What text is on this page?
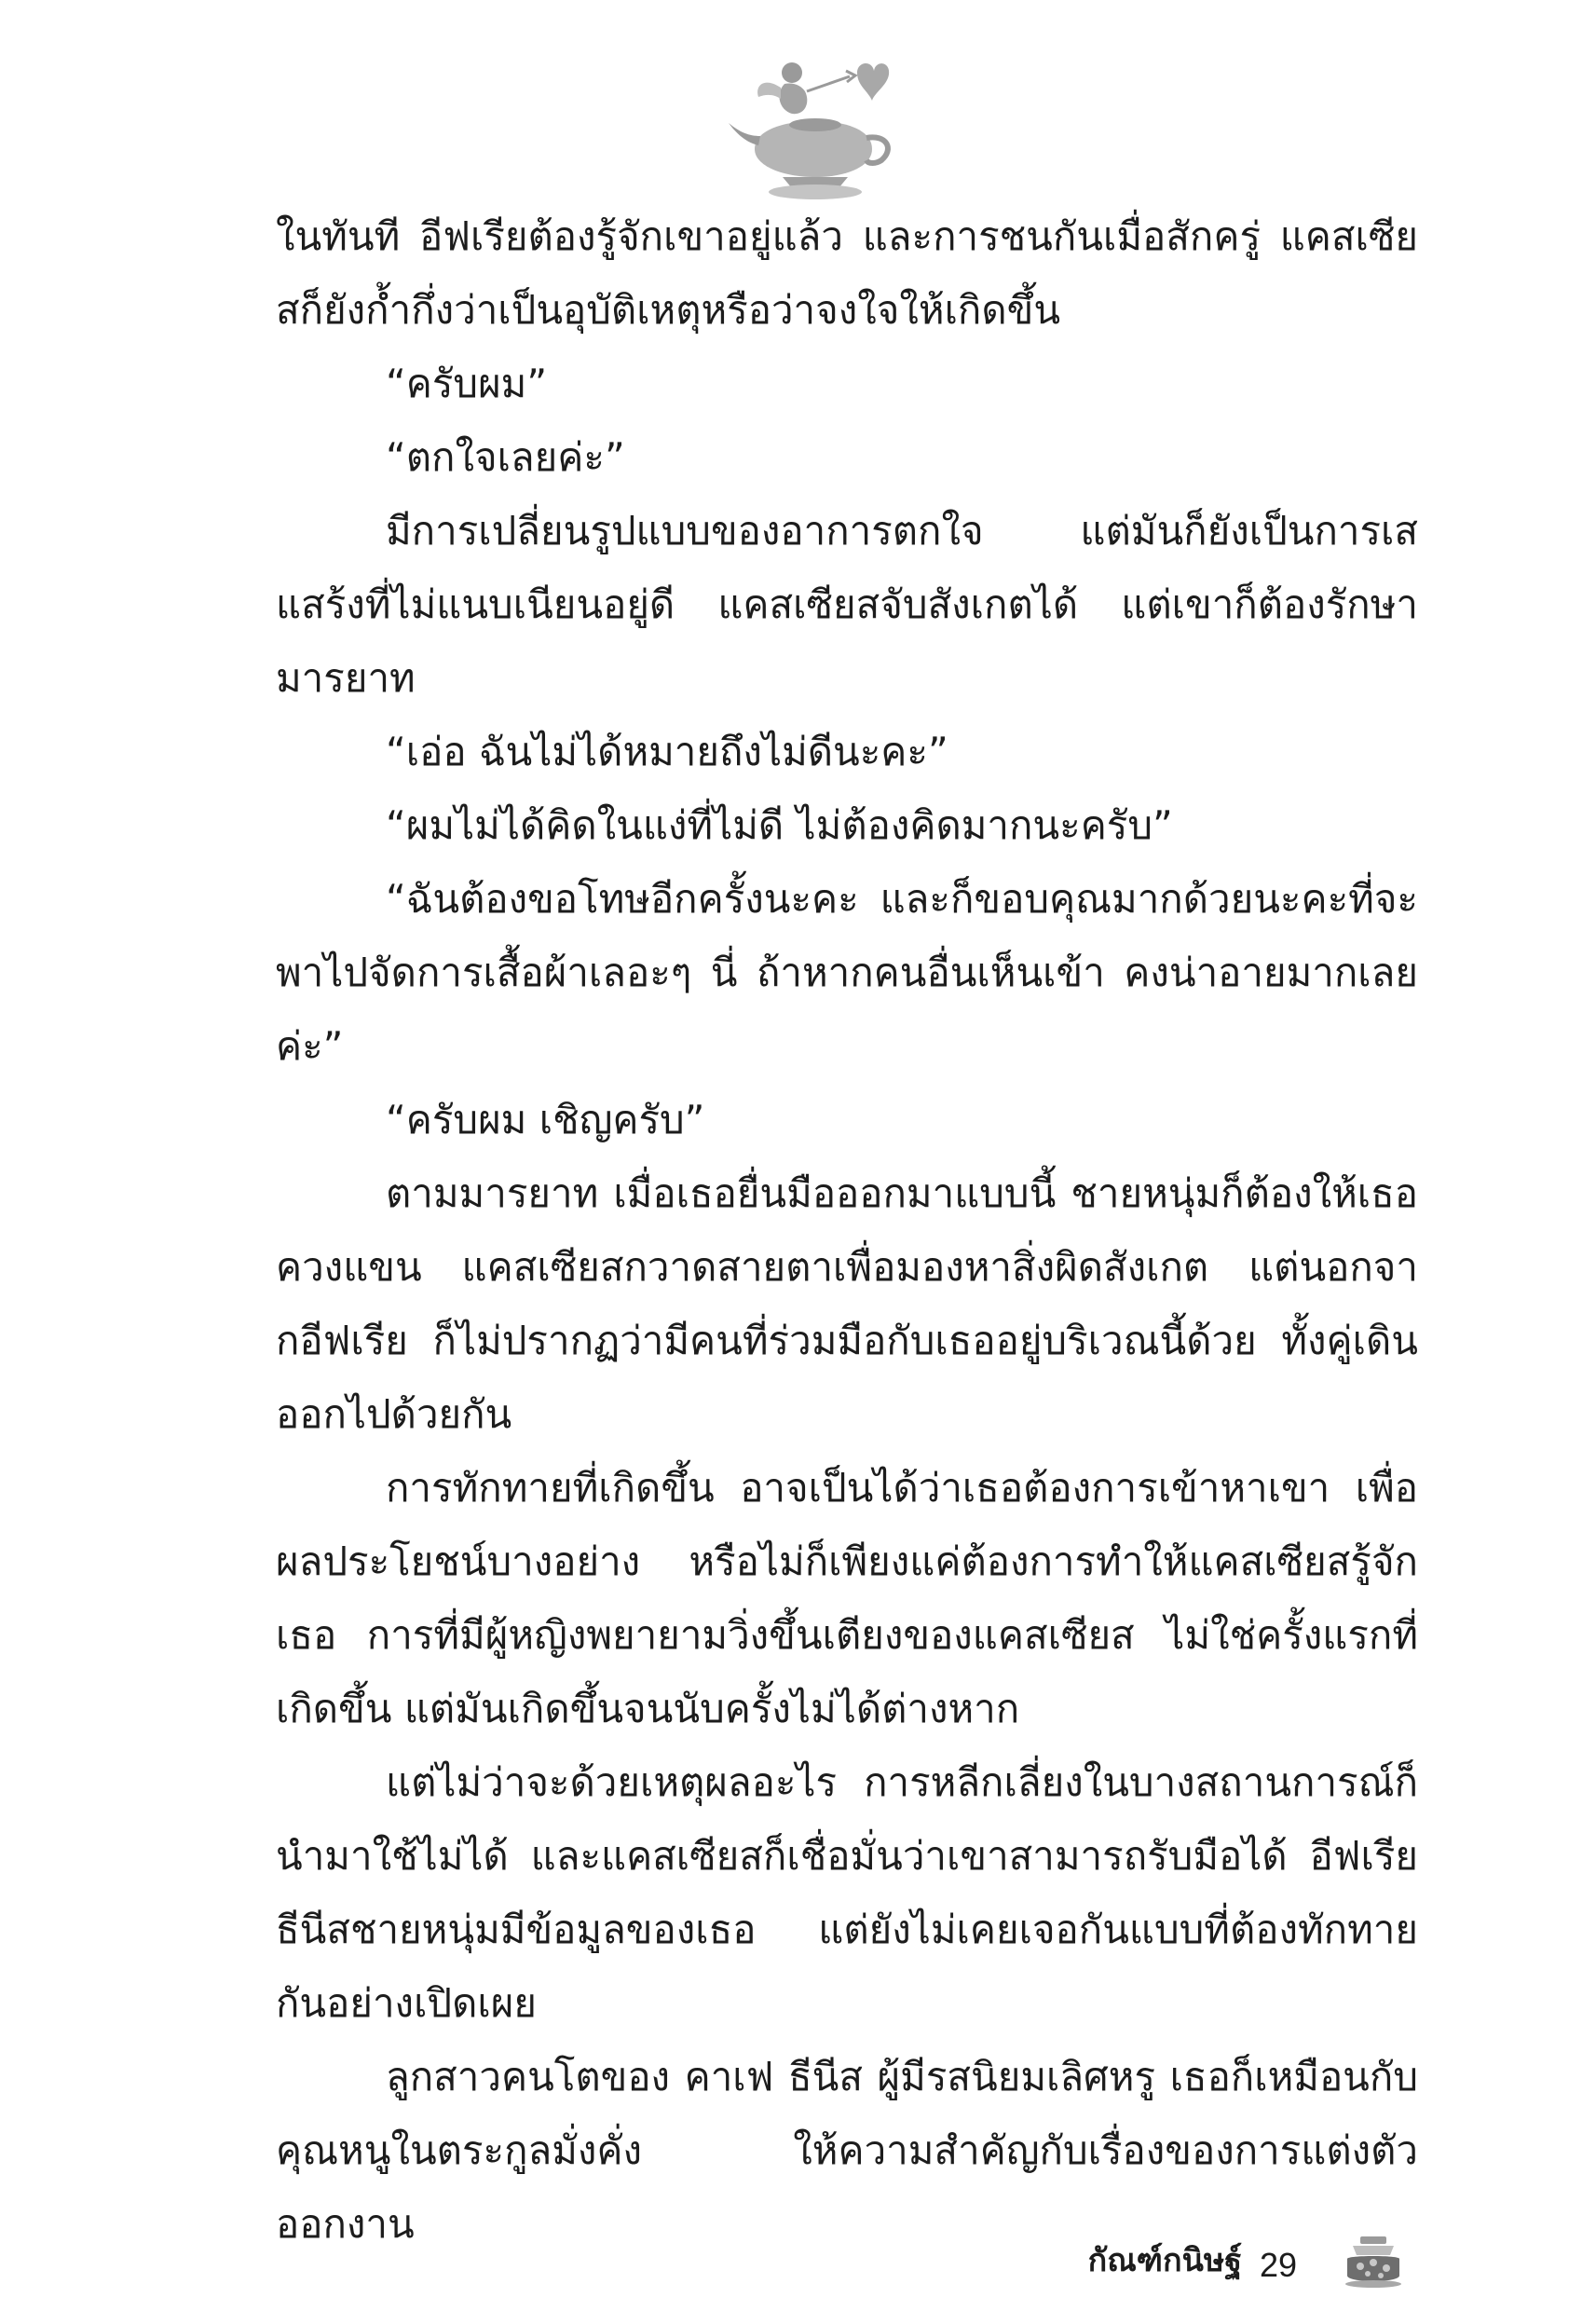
ในทันที อีฟเรียต้องรู้จักเขาอยู่แล้ว และการชนกันเมื่อสักครู่ แคสเซียสก็ยังก้ำกึ่งว่าเป็นอุบัติเหตุหรือว่าจงใจให้เกิดขึ้น

“ครับผม”

“ตกใจเลยค่ะ”

มีการเปลี่ยนรูปแบบของอาการตกใจ แต่มันก็ยังเป็นการเสแสร้งที่ไม่แนบเนียนอยู่ดี แคสเซียสจับสังเกตได้ แต่เขาก็ต้องรักษามารยาท

“เอ่อ ฉันไม่ได้หมายถึงไม่ดีนะคะ”

“ผมไม่ได้คิดในแง่ที่ไม่ดี ไม่ต้องคิดมากนะครับ”

“ฉันต้องขอโทษอีกครั้งนะคะ และก็ขอบคุณมากด้วยนะคะที่จะพาไปจัดการเสื้อผ้าเลอะๆ นี่ ถ้าหากคนอื่นเห็นเข้า คงน่าอายมากเลยค่ะ”

“ครับผม เชิญครับ”

ตามมารยาท เมื่อเธอยื่นมือออกมาแบบนี้ ชายหนุ่มก็ต้องให้เธอควงแขน แคสเซียสกวาดสายตาเพื่อมองหาสิ่งผิดสังเกต แต่นอกจากอีฟเรีย ก็ไม่ปรากฏว่ามีคนที่ร่วมมือกับเธออยู่บริเวณนี้ด้วย ทั้งคู่เดินออกไปด้วยกัน

การทักทายที่เกิดขึ้น อาจเป็นได้ว่าเธอต้องการเข้าหาเขา เพื่อผลประโยชน์บางอย่าง หรือไม่ก็เพียงแค่ต้องการทำให้แคสเซียสรู้จักเธอ การที่มีผู้หญิงพยายามวิ่งขึ้นเตียงของแคสเซียส ไม่ใช่ครั้งแรกที่เกิดขึ้น แต่มันเกิดขึ้นจนนับครั้งไม่ได้ต่างหาก

แต่ไม่ว่าจะด้วยเหตุผลอะไร การหลีกเลี่ยงในบางสถานการณ์ก็นำมาใช้ไม่ได้ และแคสเซียสก็เชื่อมั่นว่าเขาสามารถรับมือได้ อีฟเรีย ธีนีสชายหนุ่มมีข้อมูลของเธอ แต่ยังไม่เคยเจอกันแบบที่ต้องทักทายกันอย่างเปิดเผย

ลูกสาวคนโตของ คาเฟ ธีนีส ผู้มีรสนิยมเลิศหรู เธอก็เหมือนกับคุณหนูในตระกูลมั่งคั่ง ให้ความสำคัญกับเรื่องของการแต่งตัว ออกงาน

กัณฑ์กนิษฐ์ 29
